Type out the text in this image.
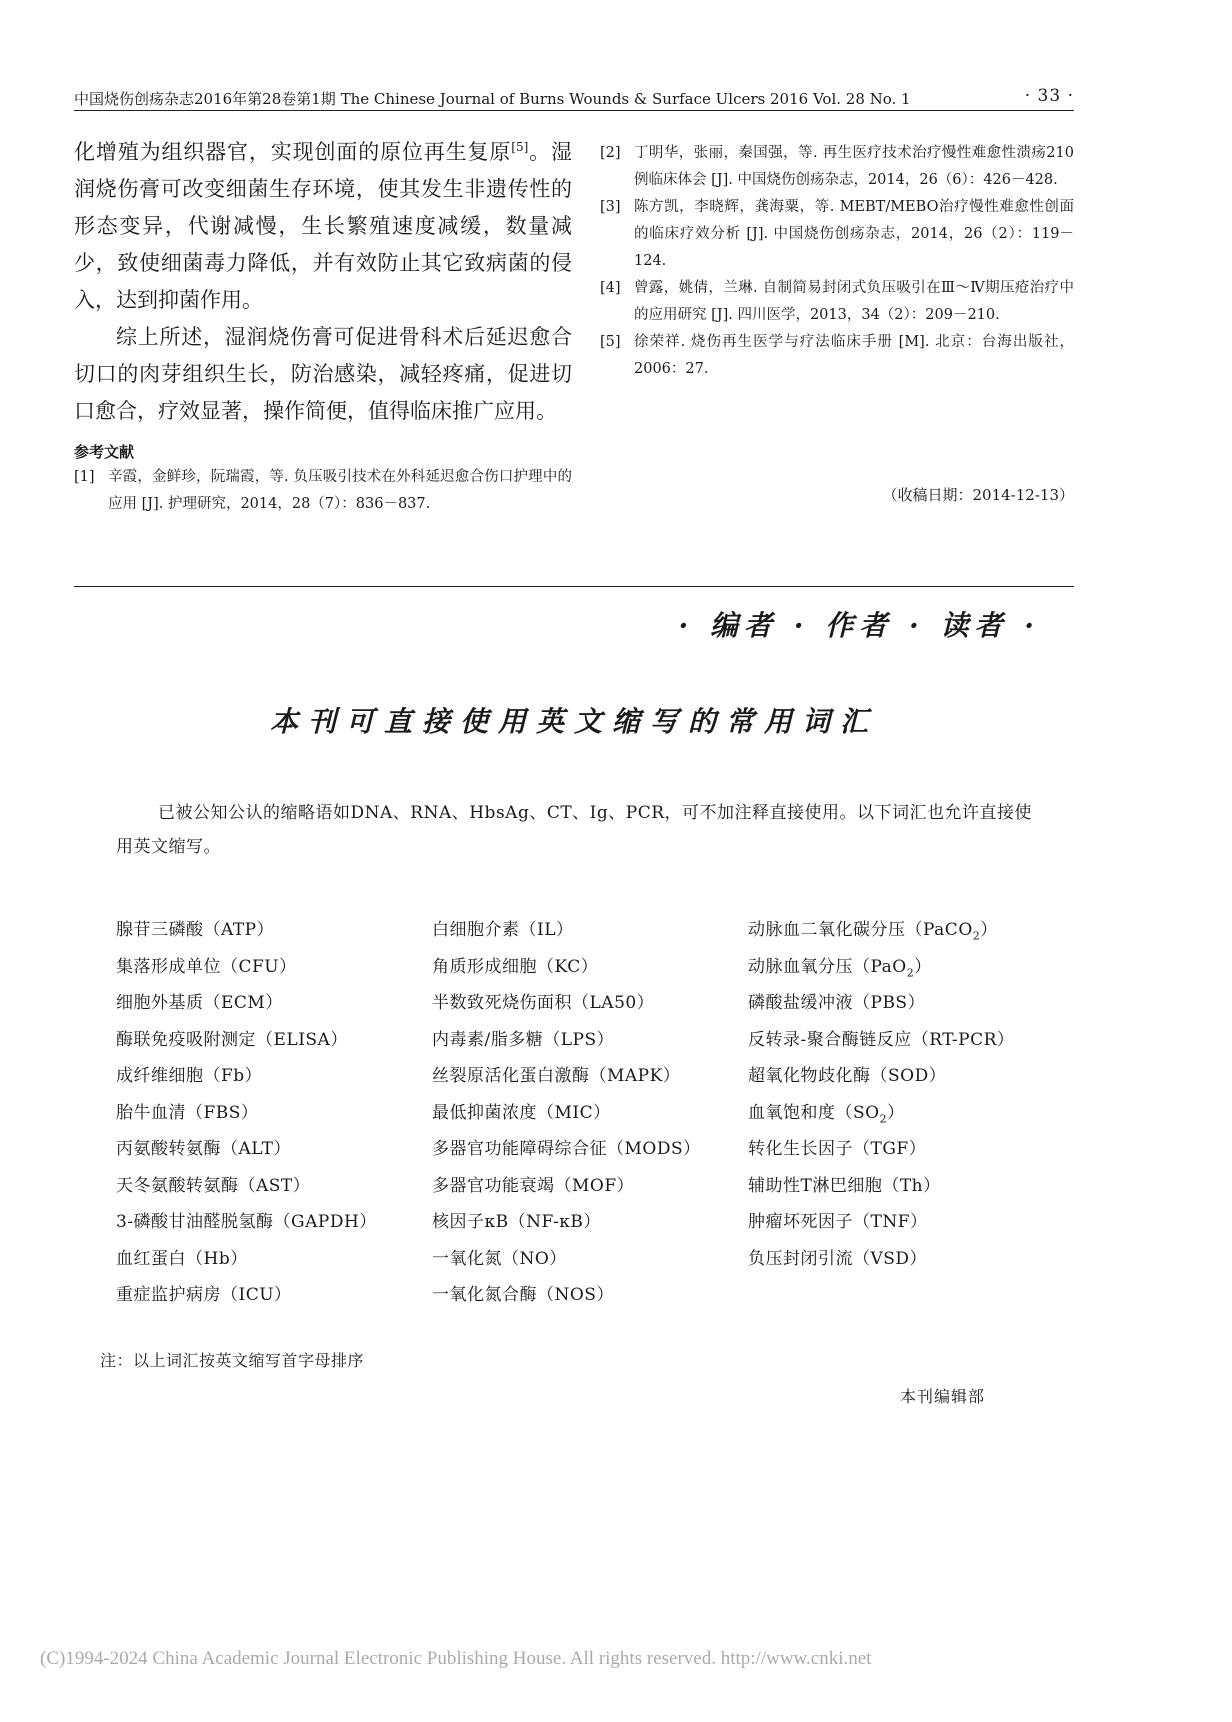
中国烧伤创疡杂志2016年第28卷第1期 The Chinese Journal of Burns Wounds & Surface Ulcers 2016 Vol. 28 No. 1	· 33 ·

化增殖为组织器官，实现创面的原位再生复原[5]。湿润烧伤膏可改变细菌生存环境，使其发生非遗传性的形态变异，代谢减慢，生长繁殖速度减缓，数量减少，致使细菌毒力降低，并有效防止其它致病菌的侵入，达到抑菌作用。

综上所述，湿润烧伤膏可促进骨科术后延迟愈合切口的肉芽组织生长，防治感染，减轻疼痛，促进切口愈合，疗效显著，操作简便，值得临床推广应用。

参考文献
[1] 辛霞，金鲜珍，阮瑞霞，等. 负压吸引技术在外科延迟愈合伤口护理中的应用 [J]. 护理研究，2014，28（7）：836－837.
[2] 丁明华，张丽，秦国强，等. 再生医疗技术治疗慢性难愈性溃疡210例临床体会 [J]. 中国烧伤创疡杂志，2014，26（6）：426－428.
[3] 陈方凯，李晓辉，龚海粟，等. MEBT/MEBO治疗慢性难愈性创面的临床疗效分析 [J]. 中国烧伤创疡杂志，2014，26（2）：119－124.
[4] 曾露，姚倩，兰琳. 自制简易封闭式负压吸引在Ⅲ～Ⅳ期压疮治疗中的应用研究 [J]. 四川医学，2013，34（2）：209－210.
[5] 徐荣祥. 烧伤再生医学与疗法临床手册 [M]. 北京：台海出版社，2006：27.
（收稿日期：2014-12-13）
· 编者 · 作者 · 读者 ·
本刊可直接使用英文缩写的常用词汇
已被公知公认的缩略语如DNA、RNA、HbsAg、CT、Ig、PCR，可不加注释直接使用。以下词汇也允许直接使用英文缩写。
腺苷三磷酸（ATP）
集落形成单位（CFU）
细胞外基质（ECM）
酶联免疫吸附测定（ELISA）
成纤维细胞（Fb）
胎牛血清（FBS）
丙氨酸转氨酶（ALT）
天冬氨酸转氨酶（AST）
3-磷酸甘油醛脱氢酶（GAPDH）
血红蛋白（Hb）
重症监护病房（ICU）
白细胞介素（IL）
角质形成细胞（KC）
半数致死烧伤面积（LA50）
内毒素/脂多糖（LPS）
丝裂原活化蛋白激酶（MAPK）
最低抑菌浓度（MIC）
多器官功能障碍综合征（MODS）
多器官功能衰竭（MOF）
核因子κB（NF-κB）
一氧化氮（NO）
一氧化氮合酶（NOS）
动脉血二氧化碳分压（PaCO$_2$）
动脉血氧分压（PaO$_2$）
磷酸盐缓冲液（PBS）
反转录-聚合酶链反应（RT-PCR）
超氧化物歧化酶（SOD）
血氧饱和度$(SO_2)$
转化生长因子（TGF）
辅助性T淋巴细胞（Th）
肿瘤坏死因子（TNF）
负压封闭引流（VSD）
注：以上词汇按英文缩写首字母排序
本刊编辑部
(C)1994-2024 China Academic Journal Electronic Publishing House. All rights reserved. http://www.cnki.net
